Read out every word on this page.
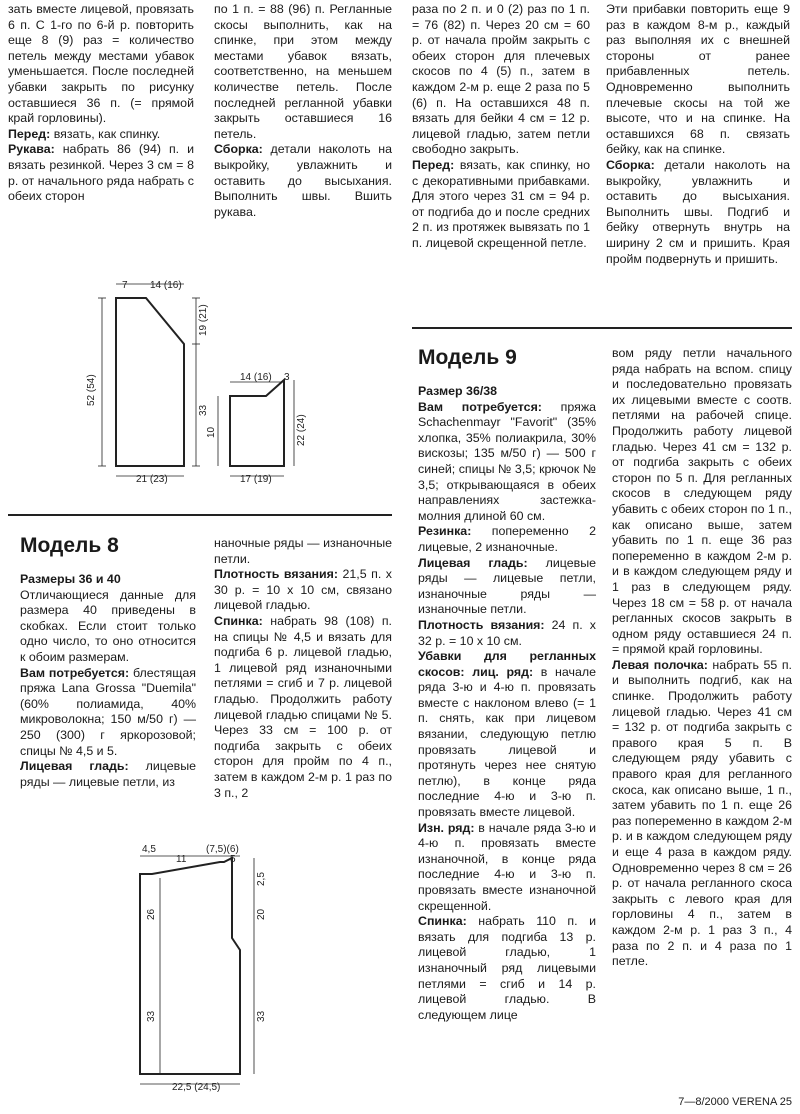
зать вместе лицевой, провязать 6 п. С 1-го по 6-й р. повторить еще 8 (9) раз = количество петель между местами убавок уменьшается. После последней убавки закрыть по рисунку оставшиеся 36 п. (= прямой край горловины).

Перед: вязать, как спинку.

Рукава: набрать 86 (94) п. и вязать резинкой. Через 3 см = 8 р. от начального ряда набрать с обеих сторон

по 1 п. = 88 (96) п. Регланные скосы выполнить, как на спинке, при этом между местами убавок вязать, соответственно, на меньшем количестве петель. После последней регланной убавки закрыть оставшиеся 16 петель.

Сборка: детали наколоть на выкройку, увлажнить и оставить до высыхания. Выполнить швы. Вшить рукава.

раза по 2 п. и 0 (2) раз по 1 п. = 76 (82) п. Через 20 см = 60 р. от начала пройм закрыть с обеих сторон для плечевых скосов по 4 (5) п., затем в каждом 2-м р. еще 2 раза по 5 (6) п. На оставшихся 48 п. вязать для бейки 4 см = 12 р. лицевой гладью, затем петли свободно закрыть.

Перед: вязать, как спинку, но с декоративными прибавками. Для этого через 31 см = 94 р. от подгиба до и после средних 2 п. из протяжек вывязать по 1 п. лицевой скрещенной петле.

Эти прибавки повторить еще 9 раз в каждом 8-м р., каждый раз выполняя их с внешней стороны от ранее прибавленных петель. Одновременно выполнить плечевые скосы на той же высоте, что и на спинке. На оставшихся 68 п. связать бейку, как на спинке.

Сборка: детали наколоть на выкройку, увлажнить и оставить до высыхания. Выполнить швы. Подгиб и бейку отвернуть внутрь на ширину 2 см и пришить. Края пройм подвернуть и пришить.

7 14 (16)
52 (54)
19 (21)
33
21 (23)
14 (16) 3
10	22 (24)
17 (19)
Модель 8

Размеры 36 и 40

Отличающиеся данные для размера 40 приведены в скобках. Если стоит только одно число, то оно относится к обоим размерам.

Вам потребуется: блестящая пряжа Lana Grossa "Duemila" (60% полиамида, 40% микроволокна; 150 м/50 г) — 250 (300) г яркорозовой; спицы № 4,5 и 5.

Лицевая гладь: лицевые ряды — лицевые петли, из

наночные ряды — изнаночные петли.

Плотность вязания: 21,5 п. х 30 р. = 10 х 10 см, связано лицевой гладью.

Спинка: набрать 98 (108) п. на спицы № 4,5 и вязать для подгиба 6 р. лицевой гладью, 1 лицевой ряд изнаночными петлями = сгиб и 7 р. лицевой гладью. Продолжить работу лицевой гладью спицами № 5. Через 33 см = 100 р. от подгиба закрыть с обеих сторон для пройм по 4 п., затем в каждом 2-м р. 1 раз по 3 п., 2

4,5
11
(7,5)(6)
5
2,5
26	20
33	33
22,5 (24,5)
Модель 9

Размер 36/38

Вам потребуется: пряжа Schachenmayr "Favorit" (35% хлопка, 35% полиакрила, 30% вискозы; 135 м/50 г) — 500 г синей; спицы № 3,5; крючок № 3,5; открывающаяся в обеих направлениях застежка-молния длиной 60 см.

Резинка: попеременно 2 лицевые, 2 изнаночные.

Лицевая гладь: лицевые ряды — лицевые петли, изнаночные ряды — изнаночные петли.

Плотность вязания: 24 п. х 32 р. = 10 х 10 см.

Убавки для регланных скосов: лиц. ряд: в начале ряда 3-ю и 4-ю п. провязать вместе с наклоном влево (= 1 п. снять, как при лицевом вязании, следующую петлю провязать лицевой и протянуть через нее снятую петлю), в конце ряда последние 4-ю и 3-ю п. провязать вместе лицевой.

Изн. ряд: в начале ряда 3-ю и 4-ю п. провязать вместе изнаночной, в конце ряда последние 4-ю и 3-ю п. провязать вместе изнаночной скрещенной.

Спинка: набрать 110 п. и вязать для подгиба 13 р. лицевой гладью, 1 изнаночный ряд лицевыми петлями = сгиб и 14 р. лицевой гладью. В следующем лице

вом ряду петли начального ряда набрать на вспом. спицу и последовательно провязать их лицевыми вместе с соотв. петлями на рабочей спице. Продолжить работу лицевой гладью. Через 41 см = 132 р. от подгиба закрыть с обеих сторон по 5 п. Для регланных скосов в следующем ряду убавить с обеих сторон по 1 п., как описано выше, затем убавить по 1 п. еще 36 раз попеременно в каждом 2-м р. и в каждом следующем ряду и 1 раз в следующем ряду. Через 18 см = 58 р. от начала регланных скосов закрыть в одном ряду оставшиеся 24 п. = прямой край горловины.

Левая полочка: набрать 55 п. и выполнить подгиб, как на спинке. Продолжить работу лицевой гладью. Через 41 см = 132 р. от подгиба закрыть с правого края 5 п. В следующем ряду убавить с правого края для регланного скоса, как описано выше, 1 п., затем убавить по 1 п. еще 26 раз попеременно в каждом 2-м р. и в каждом следующем ряду и еще 4 раза в каждом ряду. Одновременно через 8 см = 26 р. от начала регланного скоса закрыть с левого края для горловины 4 п., затем в каждом 2-м р. 1 раз 3 п., 4 раза по 2 п. и 4 раза по 1 петле.

7—8/2000 VERENA 25
